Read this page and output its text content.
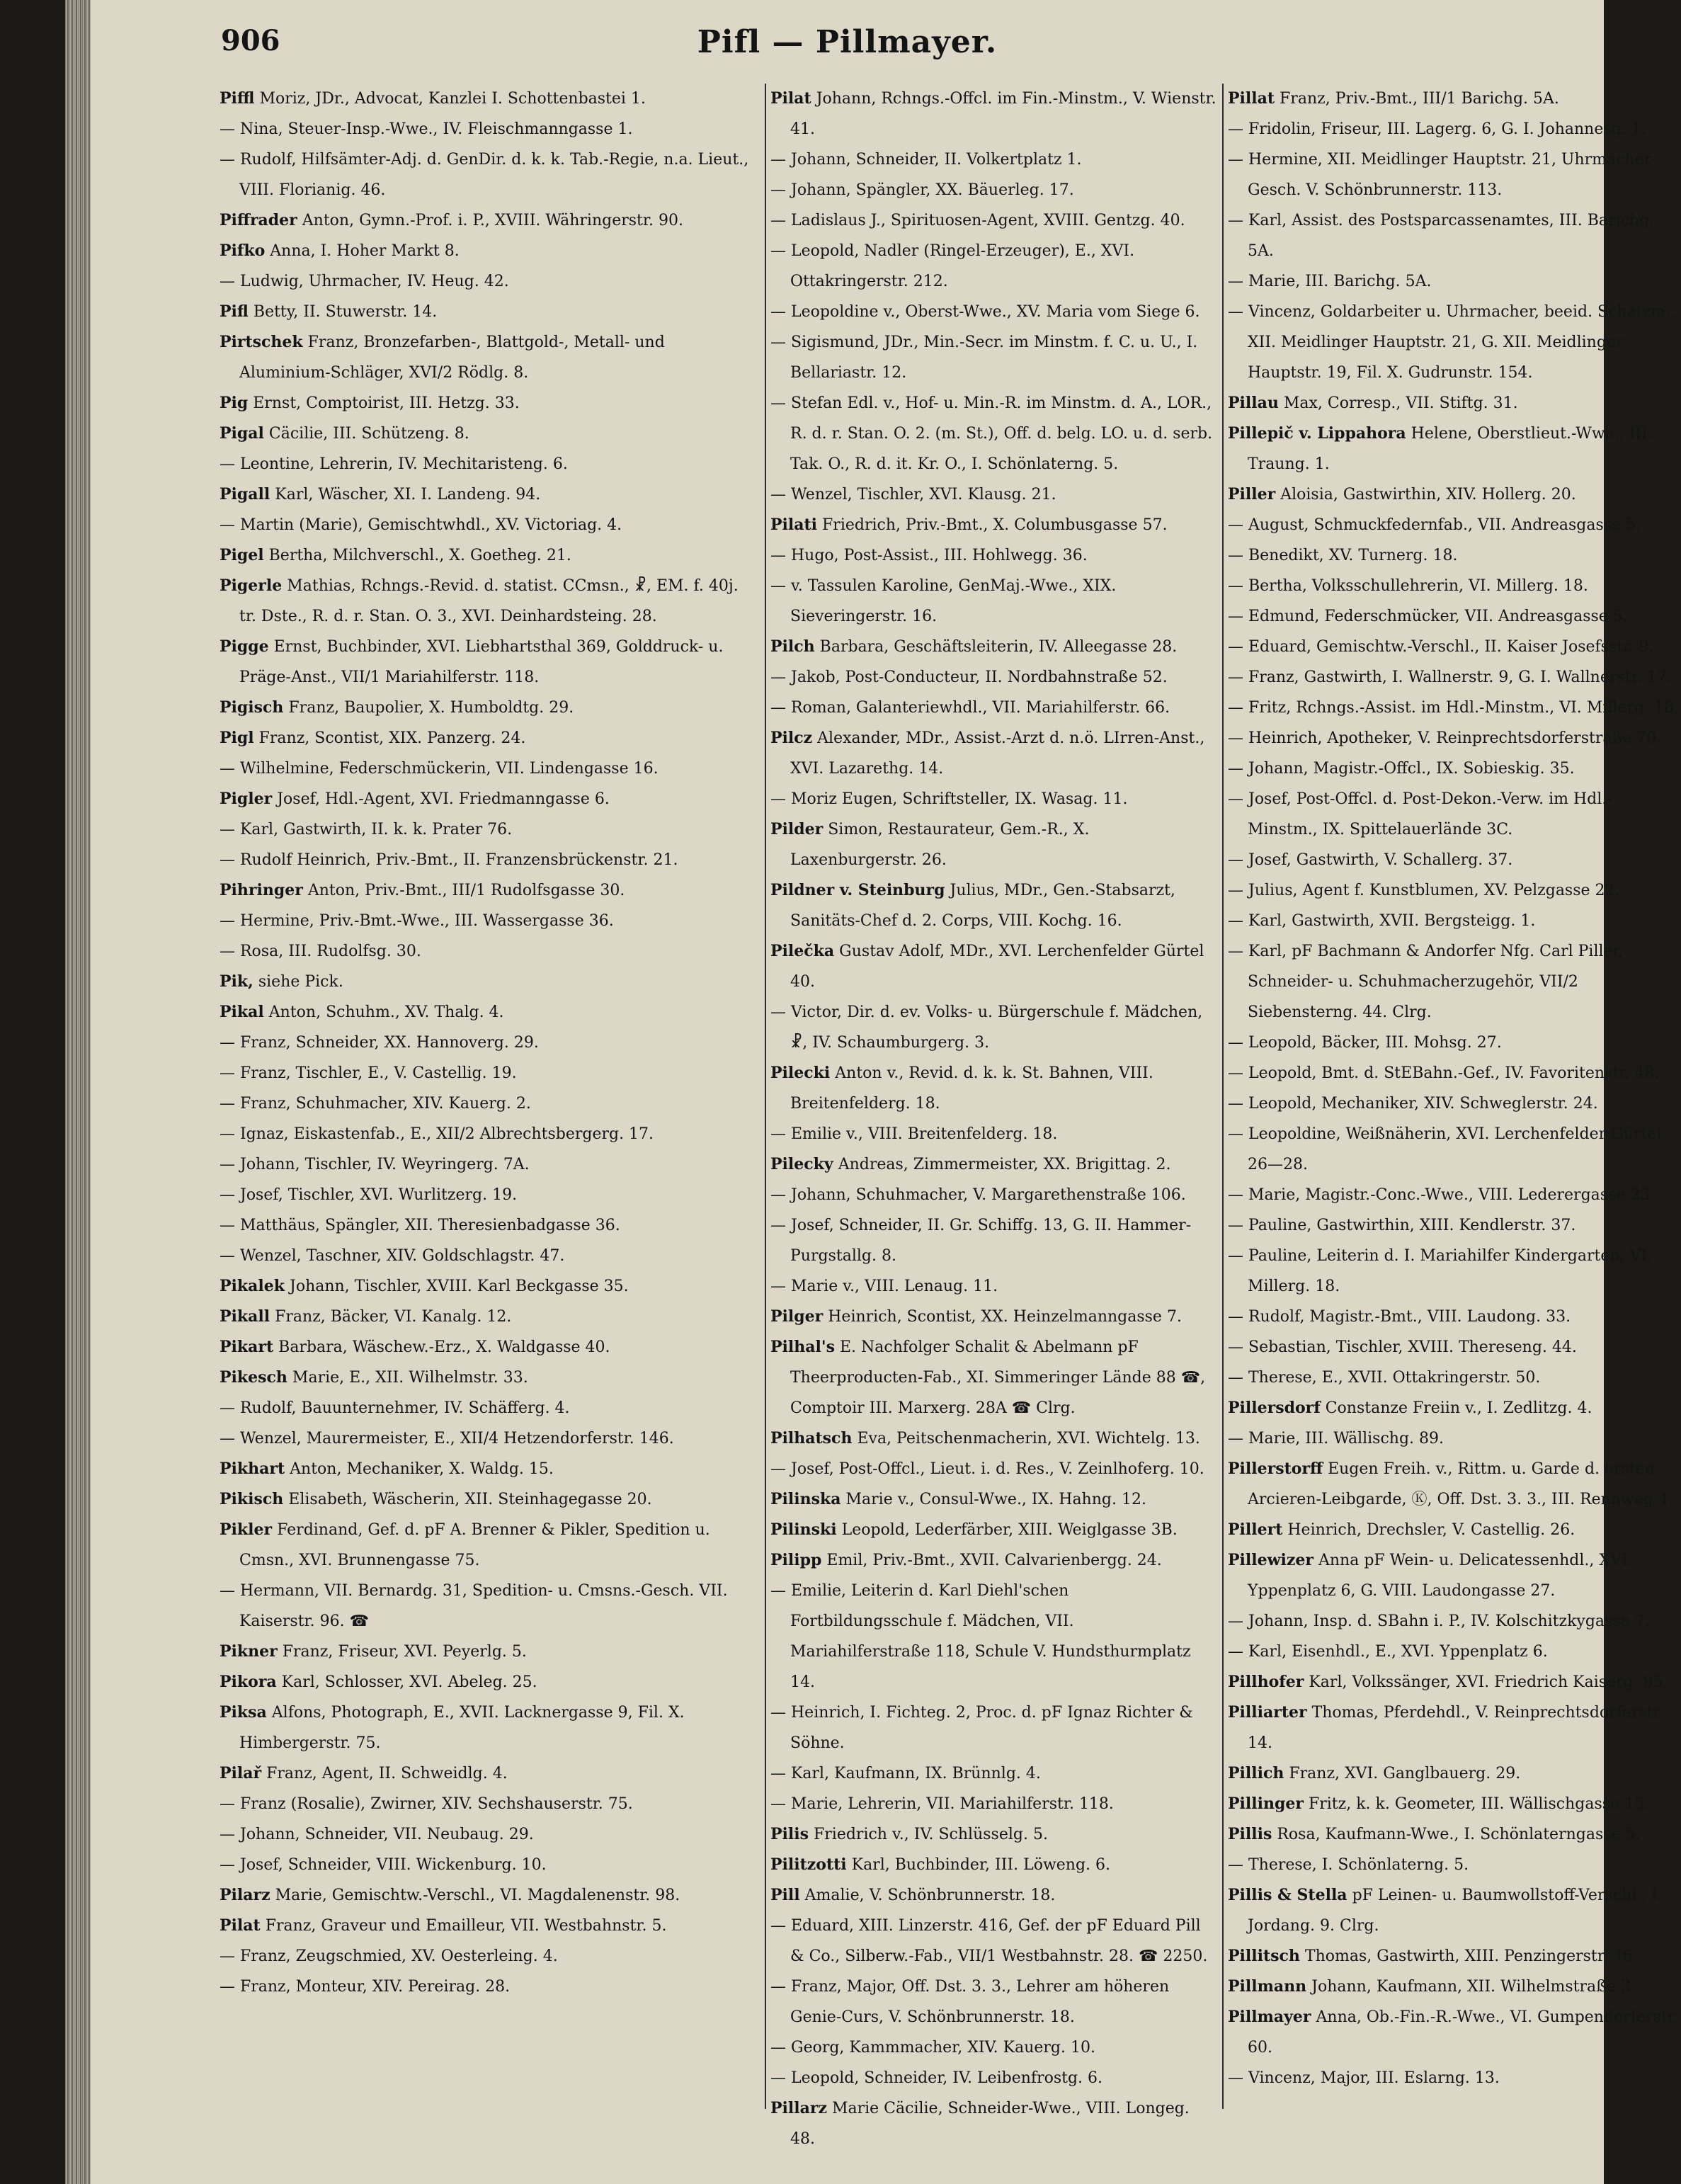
906	Pifl — Pillmayer.

Piffl Moriz, JDr., Advocat, Kanzlei I. Schottenbastei 1.

— Nina, Steuer-Insp.-Wwe., IV. Fleischmanngasse 1.

— Rudolf, Hilfsämter-Adj. d. GenDir. d. k. k. Tab.-Regie, n.a. Lieut., VIII. Florianig. 46.

Piffrader Anton, Gymn.-Prof. i. P., XVIII. Währingerstr. 90.

Pifko Anna, I. Hoher Markt 8.

— Ludwig, Uhrmacher, IV. Heug. 42.

Pifl Betty, II. Stuwerstr. 14.

Pirtschek Franz, Bronzefarben-, Blattgold-, Metall- und Aluminium-Schläger, XVI/2 Rödlg. 8.

Pig Ernst, Comptoirist, III. Hetzg. 33.

Pigal Cäcilie, III. Schützeng. 8.

— Leontine, Lehrerin, IV. Mechitaristeng. 6.

Pigall Karl, Wäscher, XI. I. Landeng. 94.

— Martin (Marie), Gemischtwhdl., XV. Victoriag. 4.

Pigel Bertha, Milchverschl., X. Goetheg. 21.

Pigerle Mathias, Rchngs.-Revid. d. statist. CCmsn., ☧, EM. f. 40j. tr. Dste., R. d. r. Stan. O. 3., XVI. Deinhardsteing. 28.

Pigge Ernst, Buchbinder, XVI. Liebhartsthal 369, Golddruck- u. Präge-Anst., VII/1 Mariahilferstr. 118.

Pigisch Franz, Baupolier, X. Humboldtg. 29.

Pigl Franz, Scontist, XIX. Panzerg. 24.

— Wilhelmine, Federschmückerin, VII. Lindengasse 16.

Pigler Josef, Hdl.-Agent, XVI. Friedmanngasse 6.

— Karl, Gastwirth, II. k. k. Prater 76.

— Rudolf Heinrich, Priv.-Bmt., II. Franzensbrückenstr. 21.

Pihringer Anton, Priv.-Bmt., III/1 Rudolfsgasse 30.

— Hermine, Priv.-Bmt.-Wwe., III. Wassergasse 36.

— Rosa, III. Rudolfsg. 30.

Pik, siehe Pick.

Pikal Anton, Schuhm., XV. Thalg. 4.

— Franz, Schneider, XX. Hannoverg. 29.

— Franz, Tischler, E., V. Castellig. 19.

— Franz, Schuhmacher, XIV. Kauerg. 2.

— Ignaz, Eiskastenfab., E., XII/2 Albrechtsbergerg. 17.

— Johann, Tischler, IV. Weyringerg. 7A.

— Josef, Tischler, XVI. Wurlitzerg. 19.

— Matthäus, Spängler, XII. Theresienbadgasse 36.

— Wenzel, Taschner, XIV. Goldschlagstr. 47.

Pikalek Johann, Tischler, XVIII. Karl Beckgasse 35.

Pikall Franz, Bäcker, VI. Kanalg. 12.

Pikart Barbara, Wäschew.-Erz., X. Waldgasse 40.

Pikesch Marie, E., XII. Wilhelmstr. 33.

— Rudolf, Bauunternehmer, IV. Schäfferg. 4.

— Wenzel, Maurermeister, E., XII/4 Hetzendorferstr. 146.

Pikhart Anton, Mechaniker, X. Waldg. 15.

Pikisch Elisabeth, Wäscherin, XII. Steinhagegasse 20.

Pikler Ferdinand, Gef. d. pF A. Brenner & Pikler, Spedition u. Cmsn., XVI. Brunnengasse 75.

— Hermann, VII. Bernardg. 31, Spedition- u. Cmsns.-Gesch. VII. Kaiserstr. 96. ☎

Pikner Franz, Friseur, XVI. Peyerlg. 5.

Pikora Karl, Schlosser, XVI. Abeleg. 25.

Piksa Alfons, Photograph, E., XVII. Lacknergasse 9, Fil. X. Himbergerstr. 75.

Pilař Franz, Agent, II. Schweidlg. 4.

— Franz (Rosalie), Zwirner, XIV. Sechshauserstr. 75.

— Johann, Schneider, VII. Neubaug. 29.

— Josef, Schneider, VIII. Wickenburg. 10.

Pilarz Marie, Gemischtw.-Verschl., VI. Magdalenenstr. 98.

Pilat Franz, Graveur und Emailleur, VII. Westbahnstr. 5.

— Franz, Zeugschmied, XV. Oesterleing. 4.

— Franz, Monteur, XIV. Pereirag. 28.

Pilat Johann, Rchngs.-Offcl. im Fin.-Minstm., V. Wienstr. 41.

— Johann, Schneider, II. Volkertplatz 1.

— Johann, Spängler, XX. Bäuerleg. 17.

— Ladislaus J., Spirituosen-Agent, XVIII. Gentzg. 40.

— Leopold, Nadler (Ringel-Erzeuger), E., XVI. Ottakringerstr. 212.

— Leopoldine v., Oberst-Wwe., XV. Maria vom Siege 6.

— Sigismund, JDr., Min.-Secr. im Minstm. f. C. u. U., I. Bellariastr. 12.

— Stefan Edl. v., Hof- u. Min.-R. im Minstm. d. A., LOR., R. d. r. Stan. O. 2. (m. St.), Off. d. belg. LO. u. d. serb. Tak. O., R. d. it. Kr. O., I. Schönlaterng. 5.

— Wenzel, Tischler, XVI. Klausg. 21.

Pilati Friedrich, Priv.-Bmt., X. Columbusgasse 57.

— Hugo, Post-Assist., III. Hohlwegg. 36.

— v. Tassulen Karoline, GenMaj.-Wwe., XIX. Sieveringerstr. 16.

Pilch Barbara, Geschäftsleiterin, IV. Alleegasse 28.

— Jakob, Post-Conducteur, II. Nordbahnstraße 52.

— Roman, Galanteriewhdl., VII. Mariahilferstr. 66.

Pilcz Alexander, MDr., Assist.-Arzt d. n.ö. LIrren-Anst., XVI. Lazarethg. 14.

— Moriz Eugen, Schriftsteller, IX. Wasag. 11.

Pilder Simon, Restaurateur, Gem.-R., X. Laxenburgerstr. 26.

Pildner v. Steinburg Julius, MDr., Gen.-Stabsarzt, Sanitäts-Chef d. 2. Corps, VIII. Kochg. 16.

Pilečka Gustav Adolf, MDr., XVI. Lerchenfelder Gürtel 40.

— Victor, Dir. d. ev. Volks- u. Bürgerschule f. Mädchen, ☧, IV. Schaumburgerg. 3.

Pilecki Anton v., Revid. d. k. k. St. Bahnen, VIII. Breitenfelderg. 18.

— Emilie v., VIII. Breitenfelderg. 18.

Pilecky Andreas, Zimmermeister, XX. Brigittag. 2.

— Johann, Schuhmacher, V. Margarethenstraße 106.

— Josef, Schneider, II. Gr. Schiffg. 13, G. II. Hammer-Purgstallg. 8.

— Marie v., VIII. Lenaug. 11.

Pilger Heinrich, Scontist, XX. Heinzelmanngasse 7.

Pilhal's E. Nachfolger Schalit & Abelmann pF Theerproducten-Fab., XI. Simmeringer Lände 88 ☎, Comptoir III. Marxerg. 28A ☎ Clrg.

Pilhatsch Eva, Peitschenmacherin, XVI. Wichtelg. 13.

— Josef, Post-Offcl., Lieut. i. d. Res., V. Zeinlhoferg. 10.

Pilinska Marie v., Consul-Wwe., IX. Hahng. 12.

Pilinski Leopold, Lederfärber, XIII. Weiglgasse 3B.

Pilipp Emil, Priv.-Bmt., XVII. Calvarienbergg. 24.

— Emilie, Leiterin d. Karl Diehl'schen Fortbildungsschule f. Mädchen, VII. Mariahilferstraße 118, Schule V. Hundsthurmplatz 14.

— Heinrich, I. Fichteg. 2, Proc. d. pF Ignaz Richter & Söhne.

— Karl, Kaufmann, IX. Brünnlg. 4.

— Marie, Lehrerin, VII. Mariahilferstr. 118.

Pilis Friedrich v., IV. Schlüsselg. 5.

Pilitzotti Karl, Buchbinder, III. Löweng. 6.

Pill Amalie, V. Schönbrunnerstr. 18.

— Eduard, XIII. Linzerstr. 416, Gef. der pF Eduard Pill & Co., Silberw.-Fab., VII/1 Westbahnstr. 28. ☎ 2250.

— Franz, Major, Off. Dst. 3. 3., Lehrer am höheren Genie-Curs, V. Schönbrunnerstr. 18.

— Georg, Kammmacher, XIV. Kauerg. 10.

— Leopold, Schneider, IV. Leibenfrostg. 6.

Pillarz Marie Cäcilie, Schneider-Wwe., VIII. Longeg. 48.

Pillat Franz, Priv.-Bmt., III/1 Barichg. 5A.

— Fridolin, Friseur, III. Lagerg. 6, G. I. Johannesg. 1.

— Hermine, XII. Meidlinger Hauptstr. 21, Uhrmacher-Gesch. V. Schönbrunnerstr. 113.

— Karl, Assist. des Postsparcassenamtes, III. Barichg. 5A.

— Marie, III. Barichg. 5A.

— Vincenz, Goldarbeiter u. Uhrmacher, beeid. Schätzm., XII. Meidlinger Hauptstr. 21, G. XII. Meidlinger Hauptstr. 19, Fil. X. Gudrunstr. 154.

Pillau Max, Corresp., VII. Stiftg. 31.

Pillepič v. Lippahora Helene, Oberstlieut.-Wwe., III. Traung. 1.

Piller Aloisia, Gastwirthin, XIV. Hollerg. 20.

— August, Schmuckfedernfab., VII. Andreasgasse 5.

— Benedikt, XV. Turnerg. 18.

— Bertha, Volksschullehrerin, VI. Millerg. 18.

— Edmund, Federschmücker, VII. Andreasgasse 5.

— Eduard, Gemischtw.-Verschl., II. Kaiser Josefsstr. 9.

— Franz, Gastwirth, I. Wallnerstr. 9, G. I. Wallnerstr. 17.

— Fritz, Rchngs.-Assist. im Hdl.-Minstm., VI. Millerg. 18.

— Heinrich, Apotheker, V. Reinprechtsdorferstraße 70.

— Johann, Magistr.-Offcl., IX. Sobieskig. 35.

— Josef, Post-Offcl. d. Post-Dekon.-Verw. im Hdl.-Minstm., IX. Spittelauerlände 3C.

— Josef, Gastwirth, V. Schallerg. 37.

— Julius, Agent f. Kunstblumen, XV. Pelzgasse 22.

— Karl, Gastwirth, XVII. Bergsteigg. 1.

— Karl, pF Bachmann & Andorfer Nfg. Carl Piller, Schneider- u. Schuhmacherzugehör, VII/2 Siebensterng. 44. Clrg.

— Leopold, Bäcker, III. Mohsg. 27.

— Leopold, Bmt. d. StEBahn.-Gef., IV. Favoritenstr. 48.

— Leopold, Mechaniker, XIV. Schweglerstr. 24.

— Leopoldine, Weißnäherin, XVI. Lerchenfelder Gürtel 26—28.

— Marie, Magistr.-Conc.-Wwe., VIII. Lederergasse 23.

— Pauline, Gastwirthin, XIII. Kendlerstr. 37.

— Pauline, Leiterin d. I. Mariahilfer Kindergarten, VI. Millerg. 18.

— Rudolf, Magistr.-Bmt., VIII. Laudong. 33.

— Sebastian, Tischler, XVIII. Thereseng. 44.

— Therese, E., XVII. Ottakringerstr. 50.

Pillersdorf Constanze Freiin v., I. Zedlitzg. 4.

— Marie, III. Wällischg. 89.

Pillerstorff Eugen Freih. v., Rittm. u. Garde d. ersten Arcieren-Leibgarde, Ⓚ, Off. Dst. 3. 3., III. Rennweg 4.

Pillert Heinrich, Drechsler, V. Castellig. 26.

Pillewizer Anna pF Wein- u. Delicatessenhdl., XVI. Yppenplatz 6, G. VIII. Laudongasse 27.

— Johann, Insp. d. SBahn i. P., IV. Kolschitzkygasse 7.

— Karl, Eisenhdl., E., XVI. Yppenplatz 6.

Pillhofer Karl, Volkssänger, XVI. Friedrich Kaiserg. 95.

Pilliarter Thomas, Pferdehdl., V. Reinprechtsdorferstr. 14.

Pillich Franz, XVI. Ganglbauerg. 29.

Pillinger Fritz, k. k. Geometer, III. Wällischgasse 15.

Pillis Rosa, Kaufmann-Wwe., I. Schönlaterngasse 5.

— Therese, I. Schönlaterng. 5.

Pillis & Stella pF Leinen- u. Baumwollstoff-Verschl., I. Jordang. 9. Clrg.

Pillitsch Thomas, Gastwirth, XIII. Penzingerstr. 46.

Pillmann Johann, Kaufmann, XII. Wilhelmstraße 3.

Pillmayer Anna, Ob.-Fin.-R.-Wwe., VI. Gumpendorferstr. 60.

— Vincenz, Major, III. Eslarng. 13.
